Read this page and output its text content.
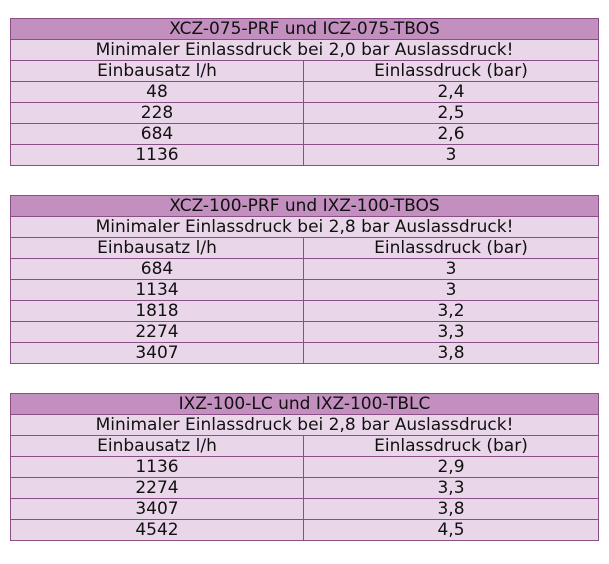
XCZ-075-PRF und ICZ-075-TBOS	
Minimaler Einlassdruck bei 2,0 bar Auslassdruck!	
Einbausatz l/h	Einlassdruck (bar)
48	2,4
228	2,5
684	2,6
1136	3
XCZ-100-PRF und IXZ-100-TBOS	
Minimaler Einlassdruck bei 2,8 bar Auslassdruck!	
Einbausatz l/h	Einlassdruck (bar)
684	3
1134	3
1818	3,2
2274	3,3
3407	3,8
IXZ-100-LC und IXZ-100-TBLC	
Minimaler Einlassdruck bei 2,8 bar Auslassdruck!	
Einbausatz l/h	Einlassdruck (bar)
1136	2,9
2274	3,3
3407	3,8
4542	4,5
